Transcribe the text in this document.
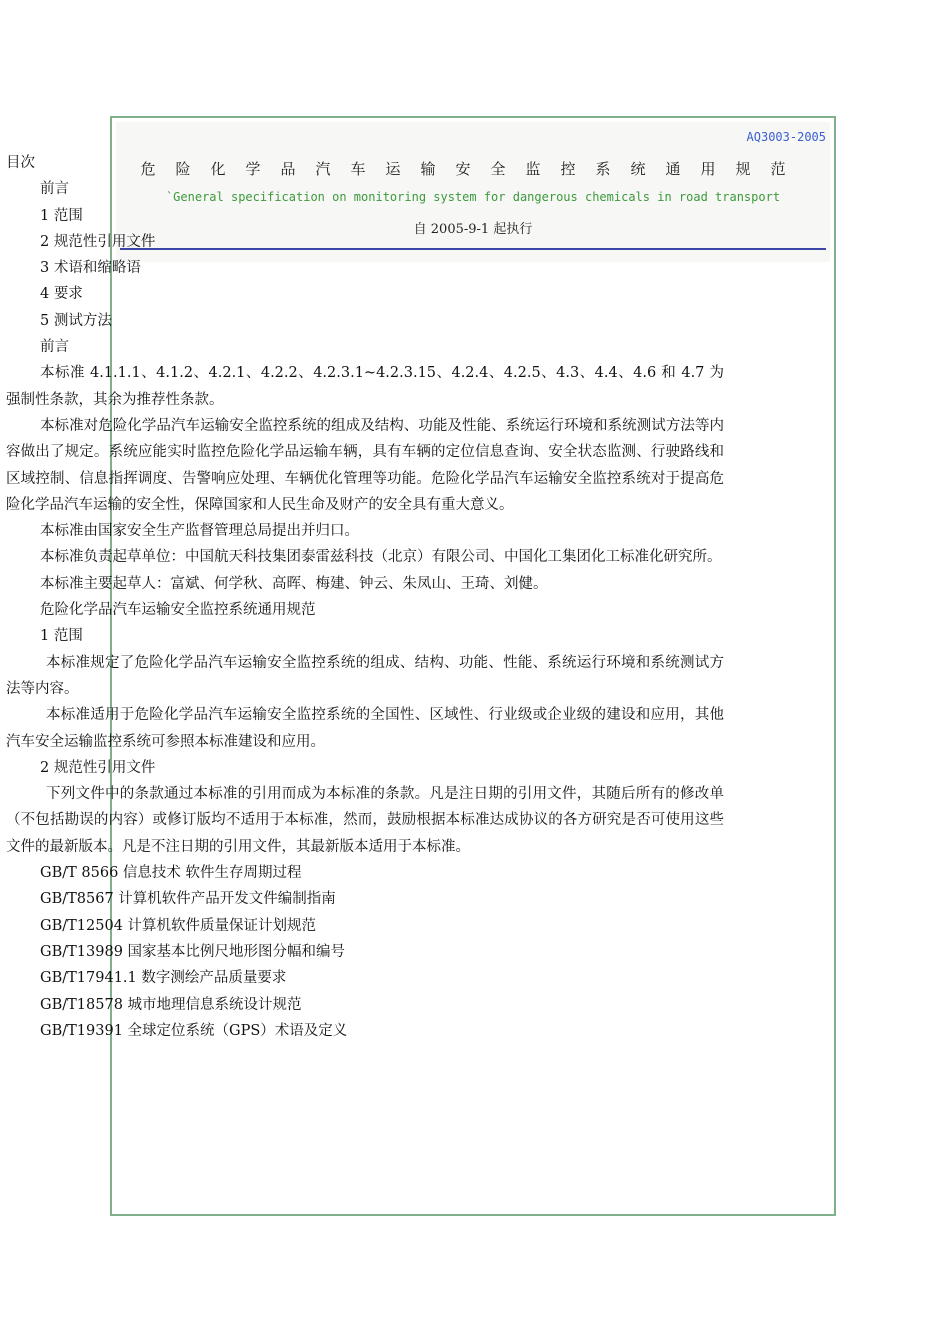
AQ3003-2005
危险化学品汽车运输安全监控系统通用规范
`General specification on monitoring system for dangerous chemicals in road transport
自 2005-9-1 起执行

目次

前言

1 范围

2 规范性引用文件

3 术语和缩略语

4 要求

5 测试方法

前言

本标准 4.1.1.1、4.1.2、4.2.1、4.2.2、4.2.3.1~4.2.3.15、4.2.4、4.2.5、4.3、4.4、4.6 和 4.7 为强制性条款，其余为推荐性条款。

本标准对危险化学品汽车运输安全监控系统的组成及结构、功能及性能、系统运行环境和系统测试方法等内容做出了规定。系统应能实时监控危险化学品运输车辆，具有车辆的定位信息查询、安全状态监测、行驶路线和区域控制、信息指挥调度、告警响应处理、车辆优化管理等功能。危险化学品汽车运输安全监控系统对于提高危险化学品汽车运输的安全性，保障国家和人民生命及财产的安全具有重大意义。

本标准由国家安全生产监督管理总局提出并归口。

本标准负责起草单位：中国航天科技集团泰雷兹科技（北京）有限公司、中国化工集团化工标准化研究所。

本标准主要起草人：富斌、何学秋、高晖、梅建、钟云、朱凤山、王琦、刘健。

危险化学品汽车运输安全监控系统通用规范

1 范围

本标准规定了危险化学品汽车运输安全监控系统的组成、结构、功能、性能、系统运行环境和系统测试方法等内容。

本标准适用于危险化学品汽车运输安全监控系统的全国性、区域性、行业级或企业级的建设和应用，其他汽车安全运输监控系统可参照本标准建设和应用。

2 规范性引用文件

下列文件中的条款通过本标准的引用而成为本标准的条款。凡是注日期的引用文件，其随后所有的修改单（不包括勘误的内容）或修订版均不适用于本标准，然而，鼓励根据本标准达成协议的各方研究是否可使用这些文件的最新版本。凡是不注日期的引用文件，其最新版本适用于本标准。

GB/T 8566 信息技术 软件生存周期过程

GB/T8567 计算机软件产品开发文件编制指南

GB/T12504 计算机软件质量保证计划规范

GB/T13989 国家基本比例尺地形图分幅和编号

GB/T17941.1 数字测绘产品质量要求

GB/T18578 城市地理信息系统设计规范

GB/T19391 全球定位系统（GPS）术语及定义
